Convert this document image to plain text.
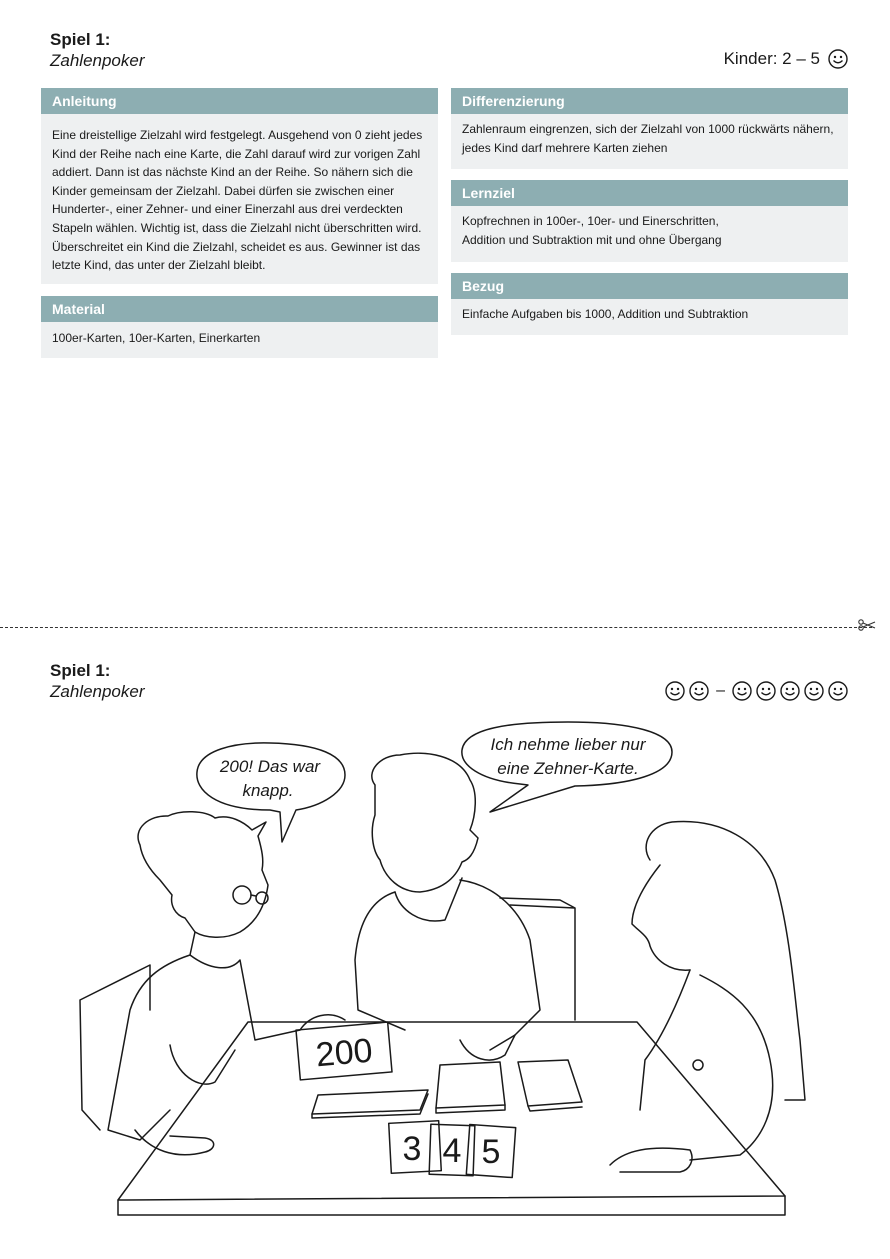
Spiel 1:
Zahlenpoker	Kinder: 2 – 5
Anleitung
Eine dreistellige Zielzahl wird festgelegt. Ausgehend von 0 zieht jedes
Kind der Reihe nach eine Karte, die Zahl darauf wird zur vorigen Zahl
addiert. Dann ist das nächste Kind an der Reihe. So nähern sich die
Kinder gemeinsam der Zielzahl. Dabei dürfen sie zwischen einer
Hunderter-, einer Zehner- und einer Einerzahl aus drei verdeckten
Stapeln wählen. Wichtig ist, dass die Zielzahl nicht überschritten wird.
Überschreitet ein Kind die Zielzahl, scheidet es aus. Gewinner ist das
letzte Kind, das unter der Zielzahl bleibt.
Material
100er-Karten, 10er-Karten, Einerkarten
Differenzierung
Zahlenraum eingrenzen, sich der Zielzahl von 1000 rückwärts nähern,
jedes Kind darf mehrere Karten ziehen
Lernziel
Kopfrechnen in 100er-, 10er- und Einerschritten,
Addition und Subtraktion mit und ohne Übergang
Bezug
Einfache Aufgaben bis 1000, Addition und Subtraktion
Spiel 1:
Zahlenpoker	–
200! Das war
knapp.
Ich nehme lieber nur
eine Zehner-Karte.
200
3 4 5
